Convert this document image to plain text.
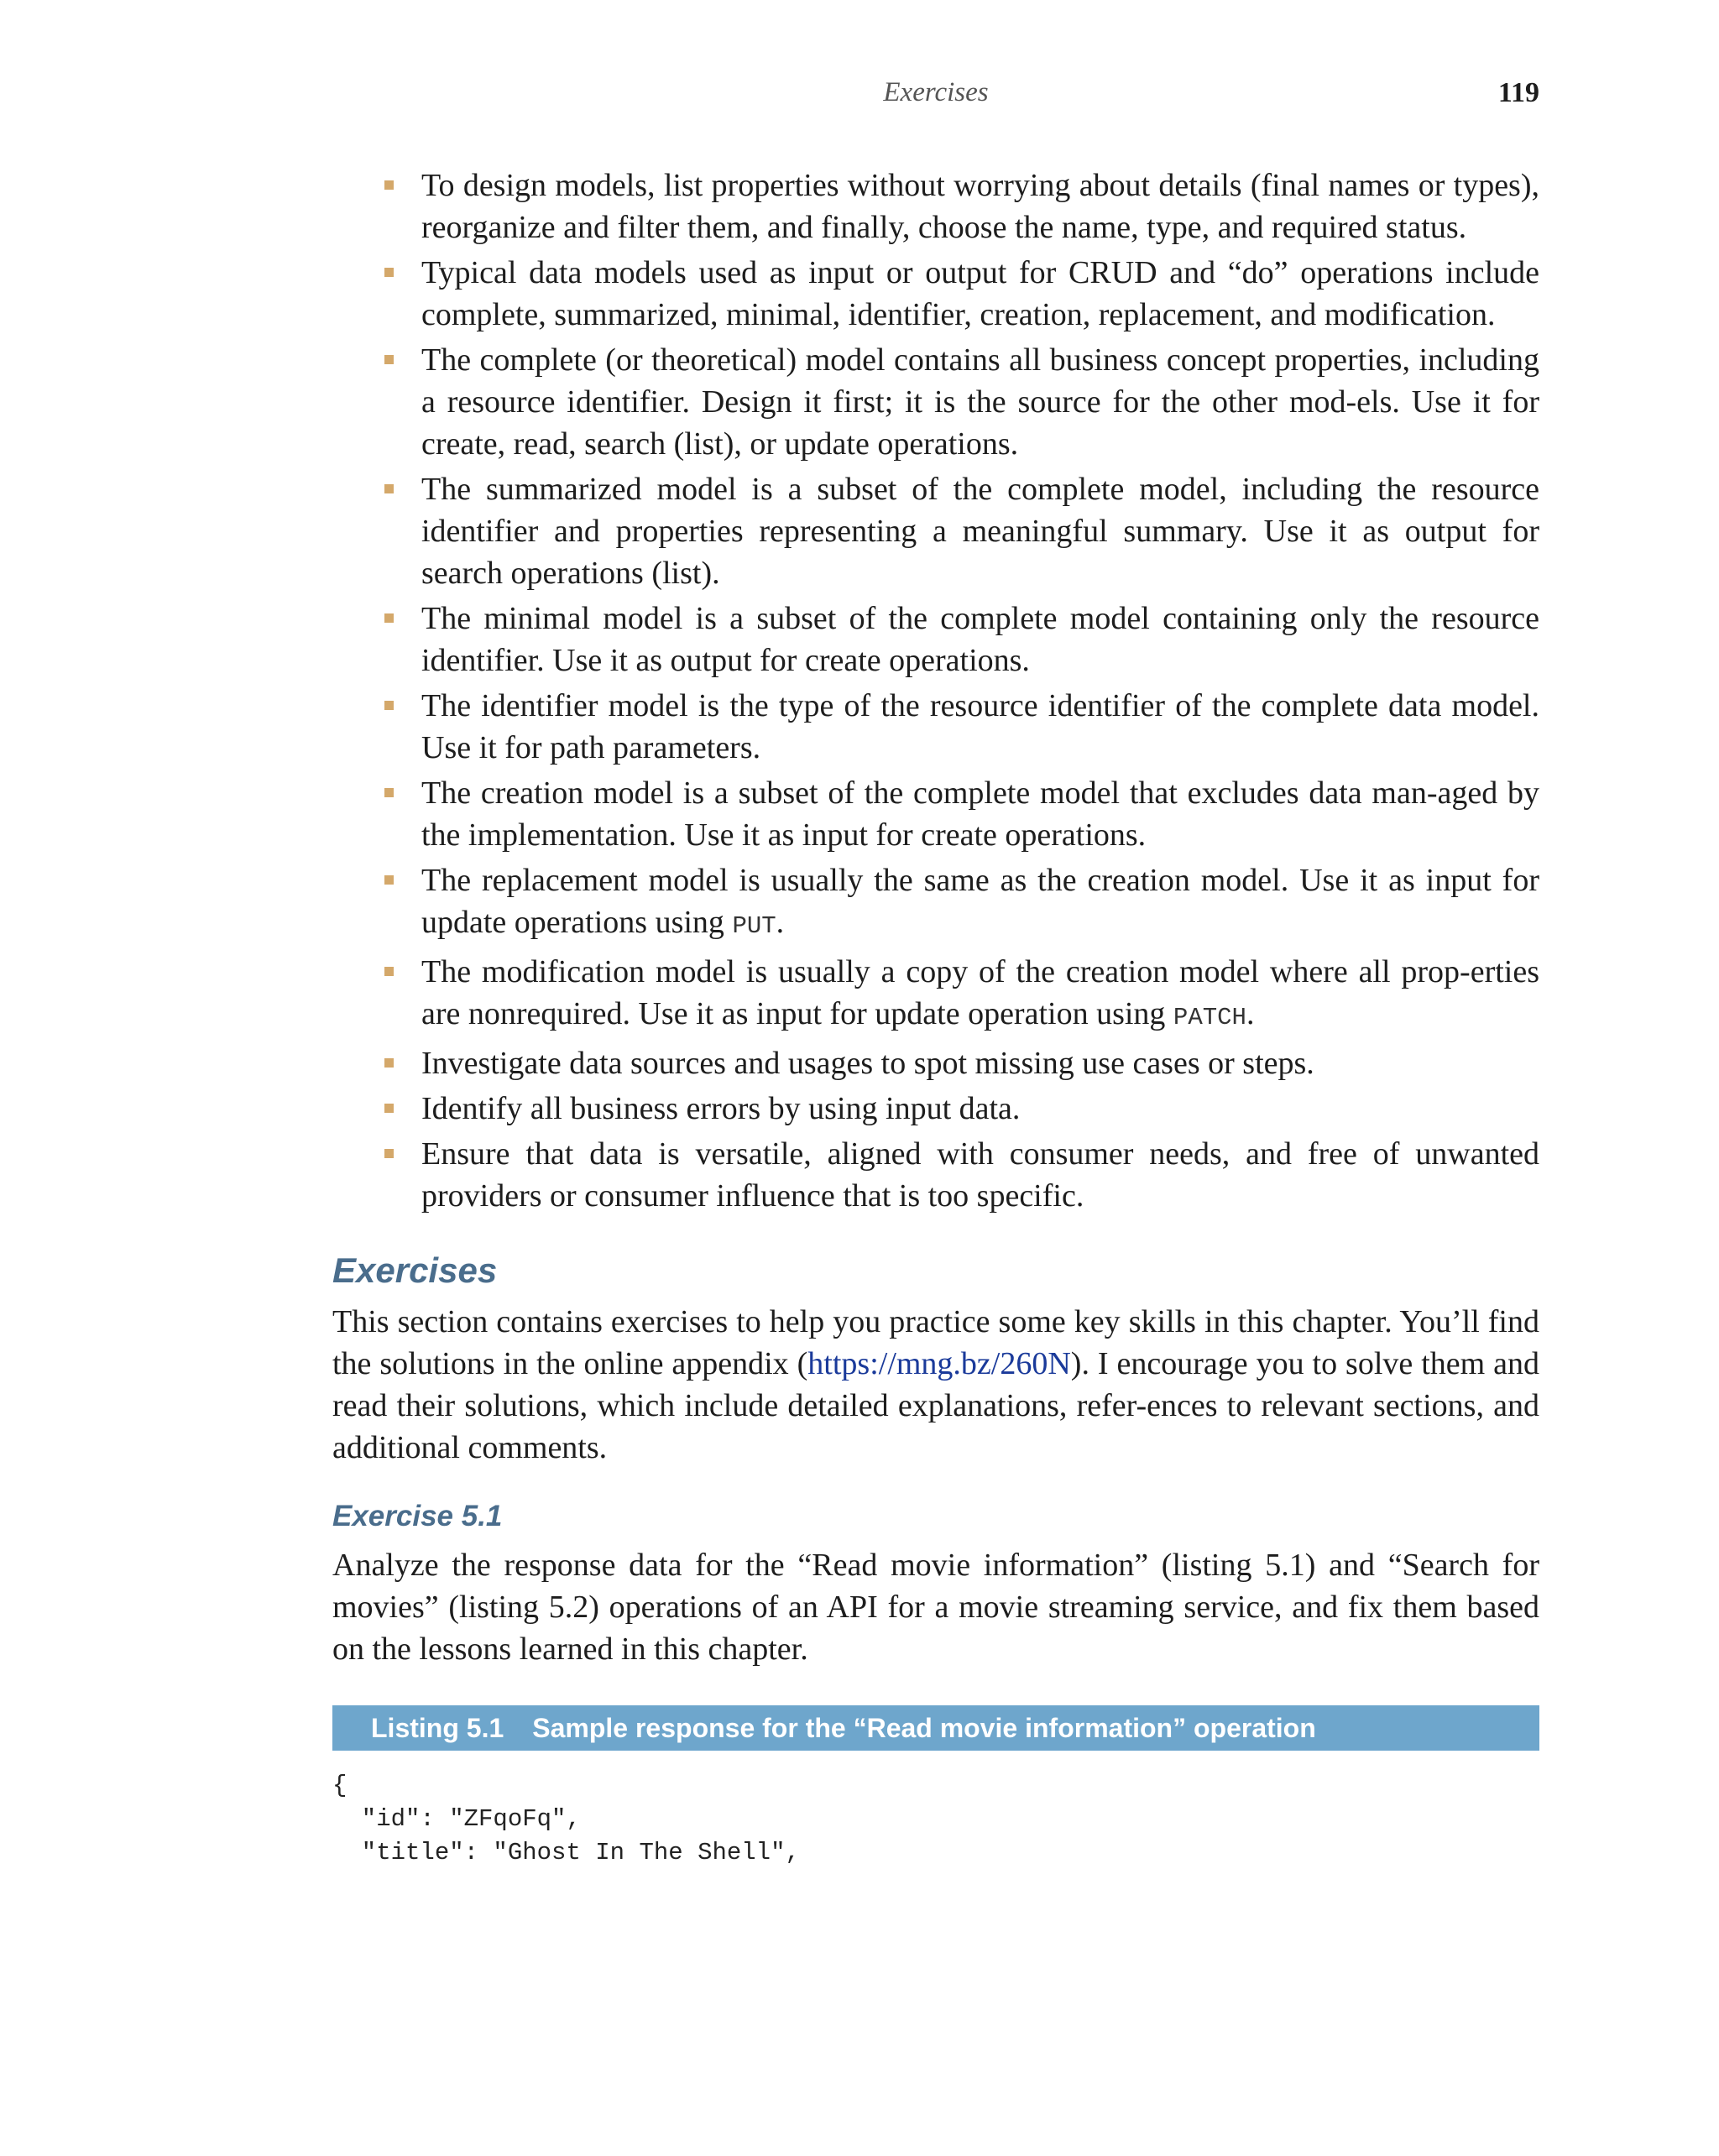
Exercises	119
To design models, list properties without worrying about details (final names or types), reorganize and filter them, and finally, choose the name, type, and required status.
Typical data models used as input or output for CRUD and “do” operations include complete, summarized, minimal, identifier, creation, replacement, and modification.
The complete (or theoretical) model contains all business concept properties, including a resource identifier. Design it first; it is the source for the other mod-els. Use it for create, read, search (list), or update operations.
The summarized model is a subset of the complete model, including the resource identifier and properties representing a meaningful summary. Use it as output for search operations (list).
The minimal model is a subset of the complete model containing only the resource identifier. Use it as output for create operations.
The identifier model is the type of the resource identifier of the complete data model. Use it for path parameters.
The creation model is a subset of the complete model that excludes data man-aged by the implementation. Use it as input for create operations.
The replacement model is usually the same as the creation model. Use it as input for update operations using PUT.
The modification model is usually a copy of the creation model where all prop-erties are nonrequired. Use it as input for update operation using PATCH.
Investigate data sources and usages to spot missing use cases or steps.
Identify all business errors by using input data.
Ensure that data is versatile, aligned with consumer needs, and free of unwanted providers or consumer influence that is too specific.
Exercises

This section contains exercises to help you practice some key skills in this chapter. You’ll find the solutions in the online appendix (https://mng.bz/260N). I encourage you to solve them and read their solutions, which include detailed explanations, refer-ences to relevant sections, and additional comments.

Exercise 5.1

Analyze the response data for the “Read movie information” (listing 5.1) and “Search for movies” (listing 5.2) operations of an API for a movie streaming service, and fix them based on the lessons learned in this chapter.

Listing 5.1 Sample response for the “Read movie information” operation
{
"id": "ZFqoFq",
"title": "Ghost In The Shell",
